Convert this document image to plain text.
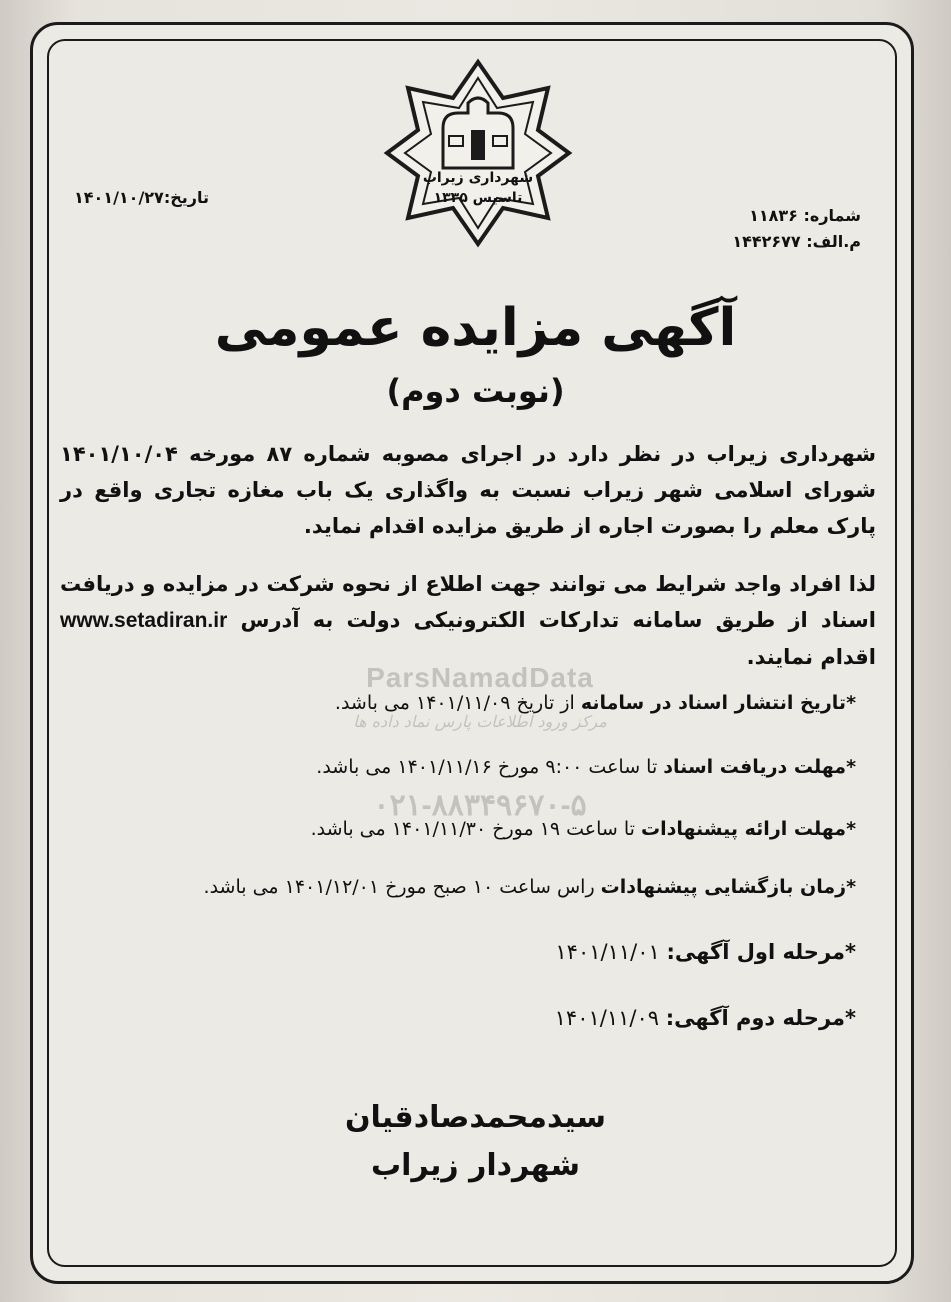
شهرداری زیراب
تاسیس ۱۳۳۵
تاریخ:۱۴۰۱/۱۰/۲۷
شماره: ۱۱۸۳۶
م.الف: ۱۴۴۲۶۷۷
آگهی مزایده عمومی
(نوبت دوم)
شهرداری زیراب در نظر دارد در اجرای مصوبه شماره ۸۷ مورخه ۱۴۰۱/۱۰/۰۴ شورای اسلامی شهر زیراب نسبت به واگذاری یک باب مغازه تجاری واقع در پارک معلم را بصورت اجاره از طریق مزایده اقدام نماید.
لذا افراد واجد شرایط می توانند جهت اطلاع از نحوه شرکت در مزایده و دریافت اسناد از طریق سامانه تدارکات الکترونیکی دولت به آدرس www.setadiran.ir اقدام نمایند.
ParsNamadData
مرکز ورود اطلاعات پارس نماد داده ها
۰۲۱-۸۸۳۴۹۶۷۰-۵
*تاریخ انتشار اسناد در سامانه از تاریخ ۱۴۰۱/۱۱/۰۹ می باشد.
*مهلت دریافت اسناد تا ساعت ۹:۰۰ مورخ ۱۴۰۱/۱۱/۱۶ می باشد.
*مهلت ارائه پیشنهادات تا ساعت ۱۹ مورخ ۱۴۰۱/۱۱/۳۰ می باشد.
*زمان بازگشایی پیشنهادات راس ساعت ۱۰ صبح مورخ ۱۴۰۱/۱۲/۰۱ می باشد.
*مرحله اول آگهی: ۱۴۰۱/۱۱/۰۱
*مرحله دوم آگهی: ۱۴۰۱/۱۱/۰۹
سیدمحمدصادقیان
شهردار زیراب
